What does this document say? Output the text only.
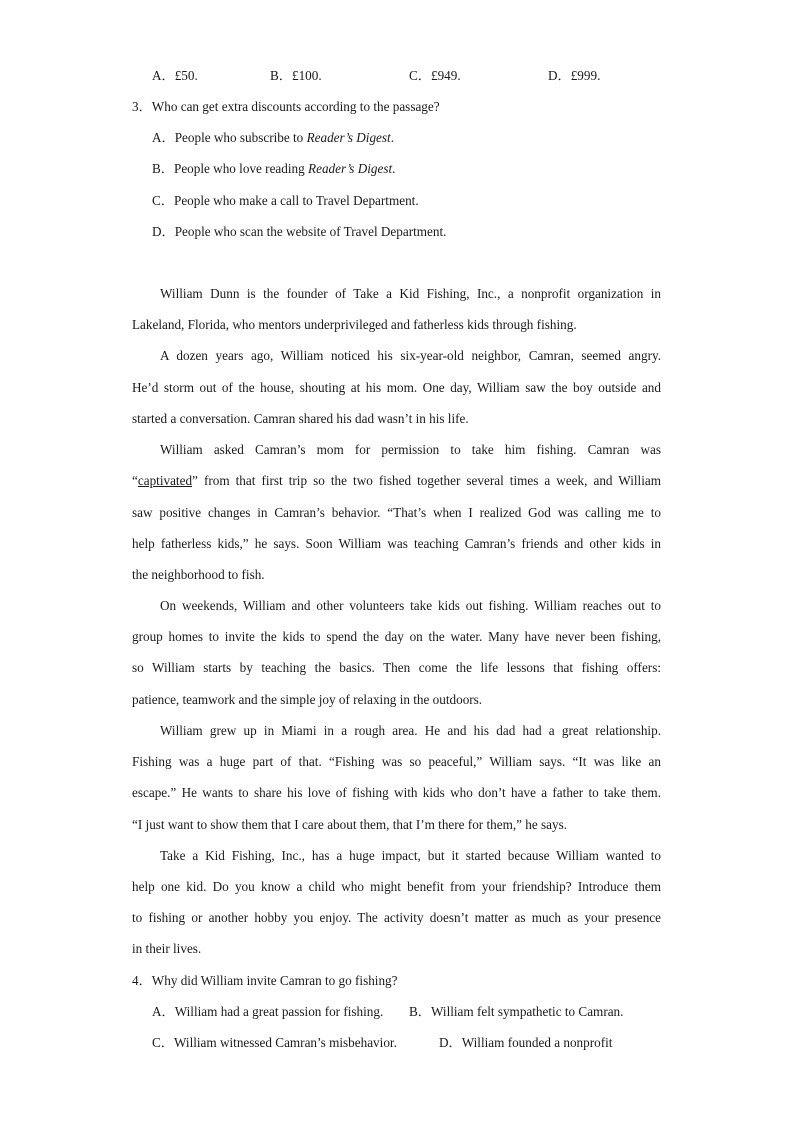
A．£50.	B．£100.	C．£949.	D．£999.
3．Who can get extra discounts according to the passage?
A．People who subscribe to Reader’s Digest.
B．People who love reading Reader’s Digest.
C．People who make a call to Travel Department.
D．People who scan the website of Travel Department.
William Dunn is the founder of Take a Kid Fishing, Inc., a nonprofit organization in
Lakeland, Florida, who mentors underprivileged and fatherless kids through fishing.
A dozen years ago, William noticed his six-year-old neighbor, Camran, seemed angry.
He’d storm out of the house, shouting at his mom. One day, William saw the boy outside and
started a conversation. Camran shared his dad wasn’t in his life.
William asked Camran’s mom for permission to take him fishing. Camran was
“captivated” from that first trip so the two fished together several times a week, and William
saw positive changes in Camran’s behavior. “That’s when I realized God was calling me to
help fatherless kids,” he says. Soon William was teaching Camran’s friends and other kids in
the neighborhood to fish.
On weekends, William and other volunteers take kids out fishing. William reaches out to
group homes to invite the kids to spend the day on the water. Many have never been fishing,
so William starts by teaching the basics. Then come the life lessons that fishing offers:
patience, teamwork and the simple joy of relaxing in the outdoors.
William grew up in Miami in a rough area. He and his dad had a great relationship.
Fishing was a huge part of that. “Fishing was so peaceful,” William says. “It was like an
escape.” He wants to share his love of fishing with kids who don’t have a father to take them.
“I just want to show them that I care about them, that I’m there for them,” he says.
Take a Kid Fishing, Inc., has a huge impact, but it started because William wanted to
help one kid. Do you know a child who might benefit from your friendship? Introduce them
to fishing or another hobby you enjoy. The activity doesn’t matter as much as your presence
in their lives.
4．Why did William invite Camran to go fishing?
A．William had a great passion for fishing. B．William felt sympathetic to Camran.
C．William witnessed Camran’s misbehavior.	D．William founded a nonprofit
